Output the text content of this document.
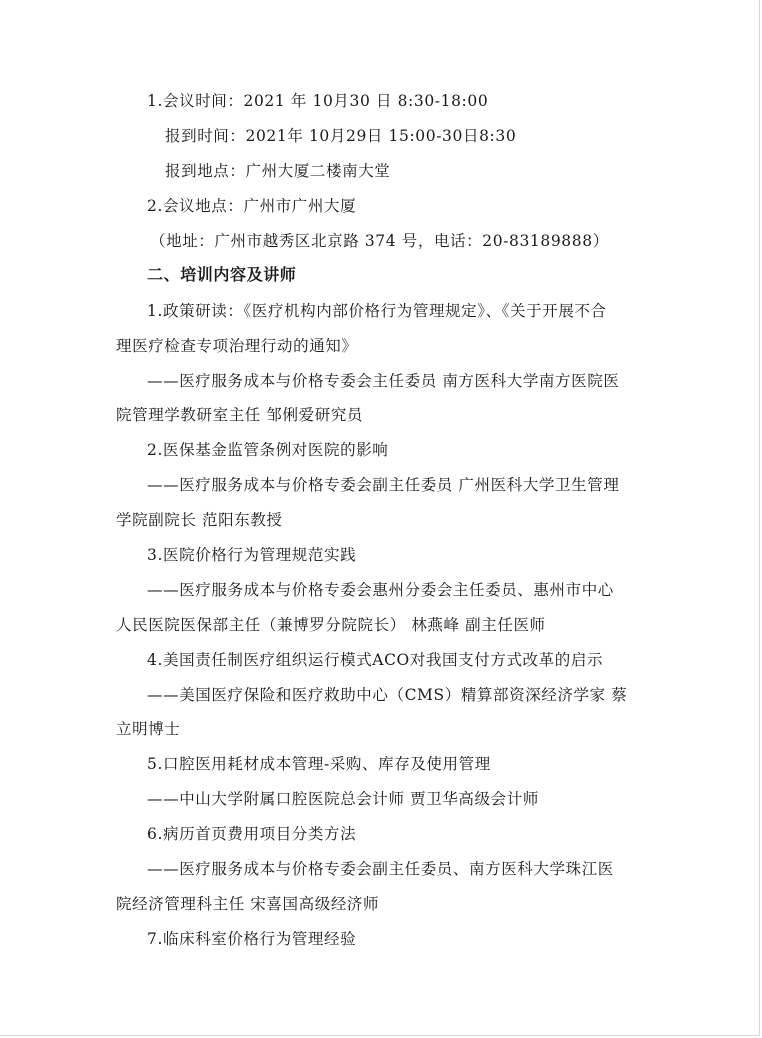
1.会议时间：2021 年 10月30 日 8:30-18:00
报到时间：2021年 10月29日 15:00-30日8:30
报到地点：广州大厦二楼南大堂
2.会议地点：广州市广州大厦
（地址：广州市越秀区北京路 374 号，电话：20-83189888）
二、培训内容及讲师
1.政策研读：《医疗机构内部价格行为管理规定》、《关于开展不合
理医疗检查专项治理行动的通知》
——医疗服务成本与价格专委会主任委员 南方医科大学南方医院医
院管理学教研室主任 邹俐爱研究员
2.医保基金监管条例对医院的影响
——医疗服务成本与价格专委会副主任委员 广州医科大学卫生管理
学院副院长 范阳东教授
3.医院价格行为管理规范实践
——医疗服务成本与价格专委会惠州分委会主任委员、惠州市中心
人民医院医保部主任（兼博罗分院院长） 林燕峰 副主任医师
4.美国责任制医疗组织运行模式ACO对我国支付方式改革的启示
——美国医疗保险和医疗救助中心（CMS）精算部资深经济学家 蔡
立明博士
5.口腔医用耗材成本管理-采购、库存及使用管理
——中山大学附属口腔医院总会计师 贾卫华高级会计师
6.病历首页费用项目分类方法
——医疗服务成本与价格专委会副主任委员、南方医科大学珠江医
院经济管理科主任 宋喜国高级经济师
7.临床科室价格行为管理经验
